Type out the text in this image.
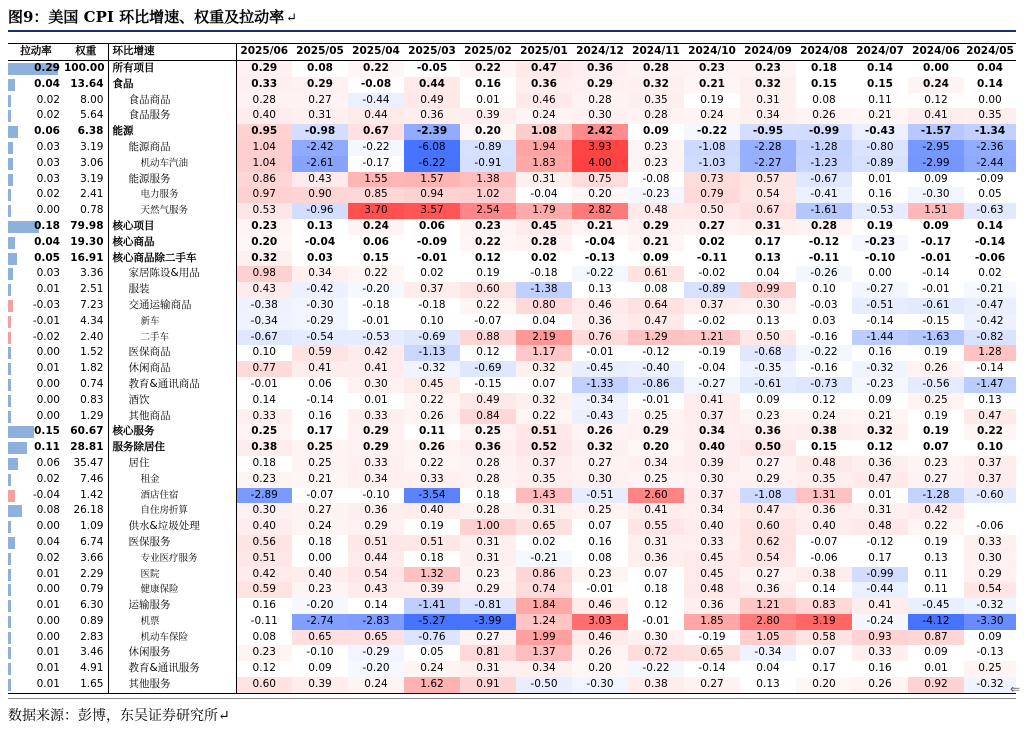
图9：美国 CPI 环比增速、权重及拉动率 ↵
拉动率	权重	环比增速	2025/06	2025/05	2025/04	2025/03	2025/02	2025/01	2024/12	2024/11	2024/10	2024/09	2024/08	2024/07	2024/06	2024/05

0.29	100.00	所有项目	0.29	0.08	0.22	-0.05	0.22	0.47	0.36	0.28	0.23	0.23	0.18	0.14	0.00	0.04

0.04	13.64	食品	0.33	0.29	-0.08	0.44	0.16	0.36	0.29	0.32	0.21	0.32	0.15	0.15	0.24	0.14

0.02	8.00	食品商品	0.28	0.27	-0.44	0.49	0.01	0.46	0.28	0.35	0.19	0.31	0.08	0.11	0.12	0.00

0.02	5.64	食品服务	0.40	0.31	0.44	0.36	0.39	0.24	0.30	0.28	0.24	0.34	0.26	0.21	0.41	0.35

0.06	6.38	能源	0.95	-0.98	0.67	-2.39	0.20	1.08	2.42	0.09	-0.22	-0.95	-0.99	-0.43	-1.57	-1.34

0.03	3.19	能源商品	1.04	-2.42	-0.22	-6.08	-0.89	1.94	3.93	0.23	-1.08	-2.28	-1.28	-0.80	-2.95	-2.36

0.03	3.06	机动车汽油	1.04	-2.61	-0.17	-6.22	-0.91	1.83	4.00	0.23	-1.03	-2.27	-1.23	-0.89	-2.99	-2.44

0.03	3.19	能源服务	0.86	0.43	1.55	1.57	1.38	0.31	0.75	-0.08	0.73	0.57	-0.67	0.01	0.09	-0.09

0.02	2.41	电力服务	0.97	0.90	0.85	0.94	1.02	-0.04	0.20	-0.23	0.79	0.54	-0.41	0.16	-0.30	0.05

0.00	0.78	天然气服务	0.53	-0.96	3.70	3.57	2.54	1.79	2.82	0.48	0.50	0.67	-1.61	-0.53	1.51	-0.63

0.18	79.98	核心项目	0.23	0.13	0.24	0.06	0.23	0.45	0.21	0.29	0.27	0.31	0.28	0.19	0.09	0.14

0.04	19.30	核心商品	0.20	-0.04	0.06	-0.09	0.22	0.28	-0.04	0.21	0.02	0.17	-0.12	-0.23	-0.17	-0.14

0.05	16.91	核心商品除二手车	0.32	0.03	0.15	-0.01	0.12	0.02	-0.13	0.09	-0.11	0.13	-0.11	-0.10	-0.01	-0.06

0.03	3.36	家居陈设&用品	0.98	0.34	0.22	0.02	0.19	-0.18	-0.22	0.61	-0.02	0.04	-0.26	0.00	-0.14	0.02

0.01	2.51	服装	0.43	-0.42	-0.20	0.37	0.60	-1.38	0.13	0.08	-0.89	0.99	0.10	-0.27	-0.01	-0.21

-0.03	7.23	交通运输商品	-0.38	-0.30	-0.18	-0.18	0.22	0.80	0.46	0.64	0.37	0.30	-0.03	-0.51	-0.61	-0.47

-0.01	4.34	新车	-0.34	-0.29	-0.01	0.10	-0.07	0.04	0.36	0.47	-0.02	0.13	0.03	-0.14	-0.15	-0.42

-0.02	2.40	二手车	-0.67	-0.54	-0.53	-0.69	0.88	2.19	0.76	1.29	1.21	0.50	-0.16	-1.44	-1.63	-0.82

0.00	1.52	医保商品	0.10	0.59	0.42	-1.13	0.12	1.17	-0.01	-0.12	-0.19	-0.68	-0.22	0.16	0.19	1.28

0.01	1.82	休闲商品	0.77	0.41	0.41	-0.32	-0.69	0.32	-0.45	-0.40	-0.04	-0.35	-0.16	-0.32	0.26	-0.14

0.00	0.74	教育&通讯商品	-0.01	0.06	0.30	0.45	-0.15	0.07	-1.33	-0.86	-0.27	-0.61	-0.73	-0.23	-0.56	-1.47

0.00	0.83	酒饮	0.14	-0.14	0.01	0.22	0.49	0.32	-0.34	-0.01	0.41	0.09	0.12	0.09	0.25	0.13

0.00	1.29	其他商品	0.33	0.16	0.33	0.26	0.84	0.22	-0.43	0.25	0.37	0.23	0.24	0.21	0.19	0.47

0.15	60.67	核心服务	0.25	0.17	0.29	0.11	0.25	0.51	0.26	0.29	0.34	0.36	0.38	0.32	0.19	0.22

0.11	28.81	服务除居住	0.38	0.25	0.29	0.26	0.36	0.52	0.32	0.20	0.40	0.50	0.15	0.12	0.07	0.10

0.06	35.47	居住	0.18	0.25	0.33	0.22	0.28	0.37	0.27	0.34	0.39	0.27	0.48	0.36	0.23	0.37

0.02	7.46	租金	0.23	0.21	0.34	0.33	0.28	0.35	0.30	0.25	0.30	0.29	0.35	0.47	0.27	0.37

-0.04	1.42	酒店住宿	-2.89	-0.07	-0.10	-3.54	0.18	1.43	-0.51	2.60	0.37	-1.08	1.31	0.01	-1.28	-0.60

0.08	26.18	自住房折算	0.30	0.27	0.36	0.40	0.28	0.31	0.25	0.41	0.34	0.47	0.36	0.31	0.42	

0.00	1.09	供水&垃圾处理	0.40	0.24	0.29	0.19	1.00	0.65	0.07	0.55	0.40	0.60	0.40	0.48	0.22	-0.06

0.04	6.74	医保服务	0.56	0.18	0.51	0.51	0.31	0.02	0.16	0.31	0.33	0.62	-0.07	-0.12	0.19	0.33

0.02	3.66	专业医疗服务	0.51	0.00	0.44	0.18	0.31	-0.21	0.08	0.36	0.45	0.54	-0.06	0.17	0.13	0.30

0.01	2.29	医院	0.42	0.40	0.54	1.32	0.23	0.86	0.23	0.07	0.45	0.27	0.38	-0.99	0.11	0.29

0.00	0.79	健康保险	0.59	0.23	0.43	0.39	0.29	0.74	-0.01	0.18	0.48	0.36	0.14	-0.44	0.11	0.54

0.01	6.30	运输服务	0.16	-0.20	0.14	-1.41	-0.81	1.84	0.46	0.12	0.36	1.21	0.83	0.41	-0.45	-0.32

0.00	0.89	机票	-0.11	-2.74	-2.83	-5.27	-3.99	1.24	3.03	-0.01	1.85	2.80	3.19	-0.24	-4.12	-3.30

0.00	2.83	机动车保险	0.08	0.65	0.65	-0.76	0.27	1.99	0.46	0.30	-0.19	1.05	0.58	0.93	0.87	0.09

0.01	3.46	休闲服务	0.23	-0.10	-0.29	0.05	0.81	1.37	0.26	0.72	0.65	-0.34	0.07	0.33	0.09	-0.13

0.01	4.91	教育&通讯服务	0.12	0.09	-0.20	0.24	0.31	0.34	0.20	-0.22	-0.14	0.04	0.17	0.16	0.01	0.25

0.01	1.65	其他服务	0.60	0.39	0.24	1.62	0.91	-0.50	-0.30	0.38	0.27	0.13	0.20	0.26	0.92	-0.32 ⇐
数据来源：彭博，东吴证券研究所↵
